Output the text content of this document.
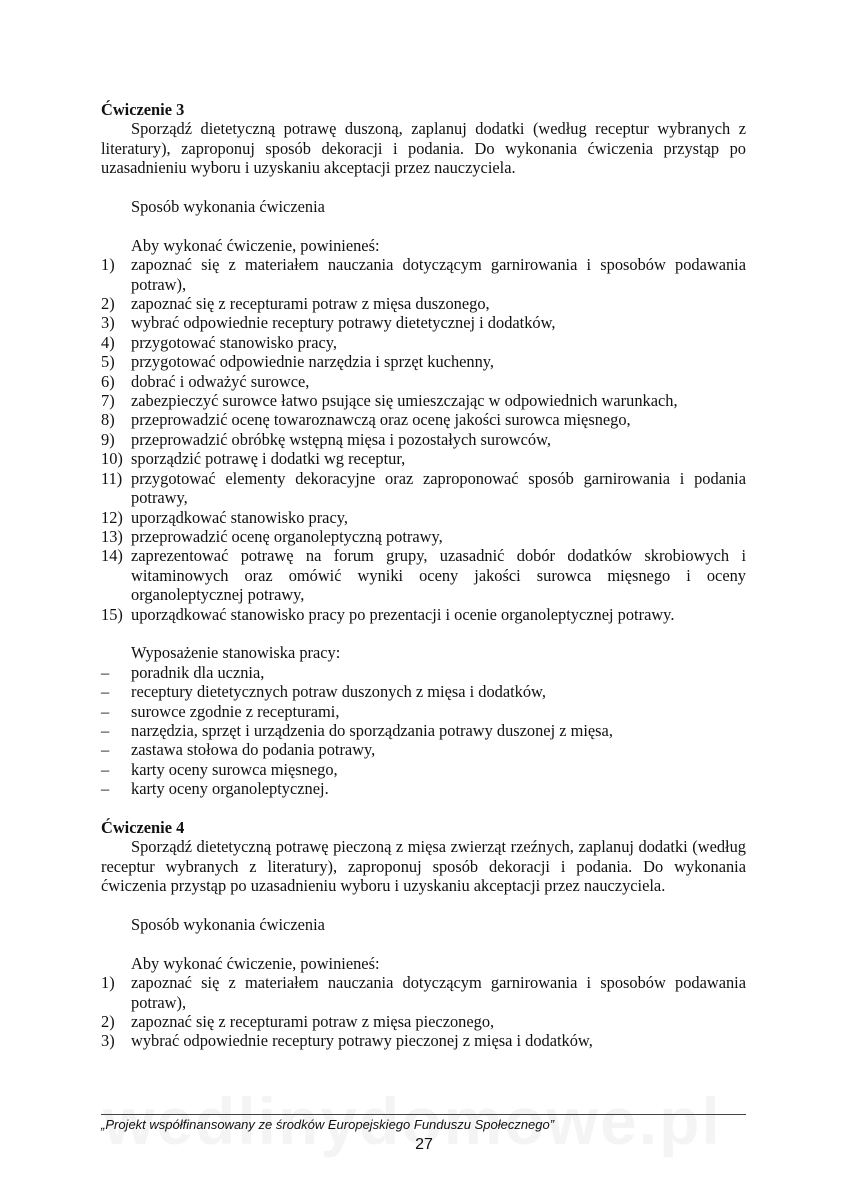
Ćwiczenie 3
Sporządź dietetyczną potrawę duszoną, zaplanuj dodatki (według receptur wybranych z literatury), zaproponuj sposób dekoracji i podania. Do wykonania ćwiczenia przystąp po uzasadnieniu wyboru i uzyskaniu akceptacji przez nauczyciela.
Sposób wykonania ćwiczenia
Aby wykonać ćwiczenie, powinieneś:
1) zapoznać się z materiałem nauczania dotyczącym garnirowania i sposobów podawania potraw),
2) zapoznać się z recepturami potraw z mięsa duszonego,
3) wybrać odpowiednie receptury potrawy dietetycznej i dodatków,
4) przygotować stanowisko pracy,
5) przygotować odpowiednie narzędzia i sprzęt kuchenny,
6) dobrać i odważyć surowce,
7) zabezpieczyć surowce łatwo psujące się umieszczając w odpowiednich warunkach,
8) przeprowadzić ocenę towaroznawczą oraz ocenę jakości surowca mięsnego,
9) przeprowadzić obróbkę wstępną mięsa i pozostałych surowców,
10) sporządzić potrawę i dodatki wg receptur,
11) przygotować elementy dekoracyjne oraz zaproponować sposób garnirowania i podania potrawy,
12) uporządkować stanowisko pracy,
13) przeprowadzić ocenę organoleptyczną potrawy,
14) zaprezentować potrawę na forum grupy, uzasadnić dobór dodatków skrobiowych i witaminowych oraz omówić wyniki oceny jakości surowca mięsnego i oceny organoleptycznej potrawy,
15) uporządkować stanowisko pracy po prezentacji i ocenie organoleptycznej potrawy.
Wyposażenie stanowiska pracy:
– poradnik dla ucznia,
– receptury dietetycznych potraw duszonych z mięsa i dodatków,
– surowce zgodnie z recepturami,
– narzędzia, sprzęt i urządzenia do sporządzania potrawy duszonej z mięsa,
– zastawa stołowa do podania potrawy,
– karty oceny surowca mięsnego,
– karty oceny organoleptycznej.
Ćwiczenie 4
Sporządź dietetyczną potrawę pieczoną z mięsa zwierząt rzeźnych, zaplanuj dodatki (według receptur wybranych z literatury), zaproponuj sposób dekoracji i podania. Do wykonania ćwiczenia przystąp po uzasadnieniu wyboru i uzyskaniu akceptacji przez nauczyciela.
Sposób wykonania ćwiczenia
Aby wykonać ćwiczenie, powinieneś:
1) zapoznać się z materiałem nauczania dotyczącym garnirowania i sposobów podawania potraw),
2) zapoznać się z recepturami potraw z mięsa pieczonego,
3) wybrać odpowiednie receptury potrawy pieczonej z mięsa i dodatków,
„Projekt współfinansowany ze środków Europejskiego Funduszu Społecznego”
27
